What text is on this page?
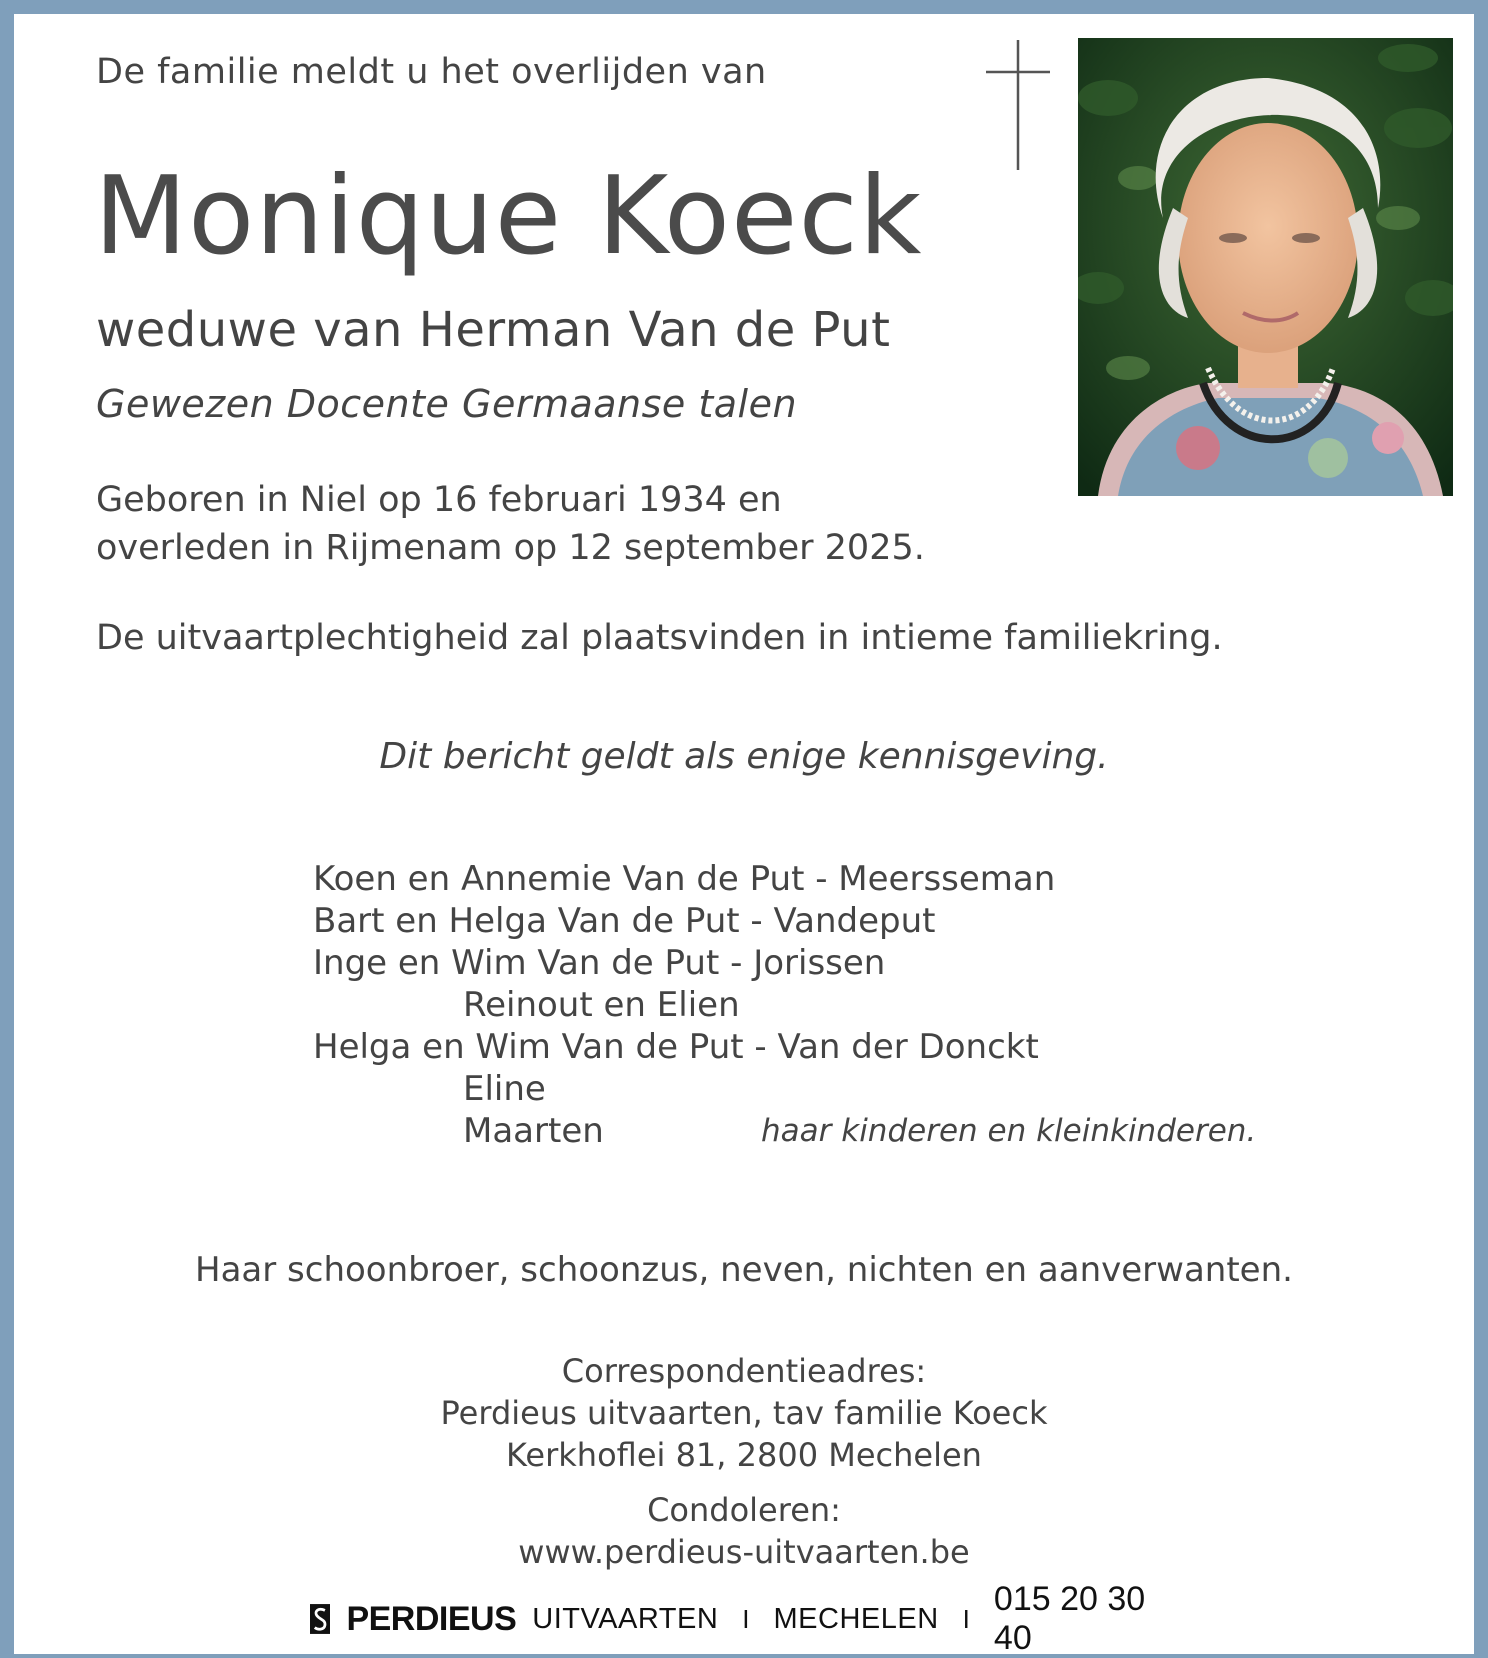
De familie meldt u het overlijden van
Monique Koeck
weduwe van Herman Van de Put
Gewezen Docente Germaanse talen
Geboren in Niel op 16 februari 1934 en
overleden in Rijmenam op 12 september 2025.
De uitvaartplechtigheid zal plaatsvinden in intieme familiekring.
Dit bericht geldt als enige kennisgeving.
Koen en Annemie Van de Put - Meersseman
Bart en Helga Van de Put - Vandeput
Inge en Wim Van de Put - Jorissen
Reinout en Elien
Helga en Wim Van de Put - Van der Donckt
Eline
Maarten	haar kinderen en kleinkinderen.
Haar schoonbroer, schoonzus, neven, nichten en aanverwanten.
Correspondentieadres:
Perdieus uitvaarten, tav familie Koeck
Kerkhoflei 81, 2800 Mechelen
Condoleren:
www.perdieus-uitvaarten.be
PERDIEUS UITVAARTEN I MECHELEN I
015 20 30 40
